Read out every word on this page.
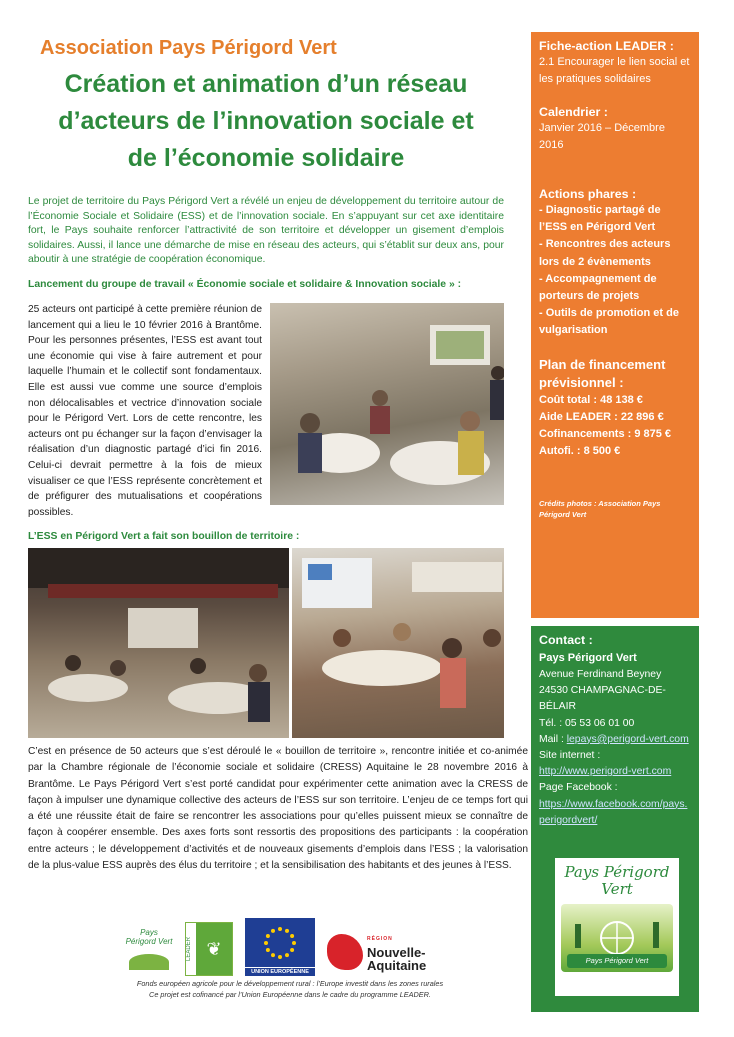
Association Pays Périgord Vert
Création et animation d’un réseau
d’acteurs de l’innovation sociale et
de l’économie solidaire

Le projet de territoire du Pays Périgord Vert a révélé un enjeu de développement du territoire autour de l’Économie Sociale et Solidaire (ESS) et de l’innovation sociale. En s’appuyant sur cet axe identitaire fort, le Pays souhaite renforcer l’attractivité de son territoire et développer un gisement d’emplois solidaires. Aussi, il lance une démarche de mise en réseau des acteurs, qui s’établit sur deux ans, pour aboutir à une stratégie de coopération économique.

Lancement du groupe de travail « Économie sociale et solidaire & Innovation sociale » :

25 acteurs ont participé à cette première réunion de lancement qui a lieu le 10 février 2016 à Brantôme. Pour les personnes présentes, l’ESS est avant tout une économie qui vise à faire autrement et pour laquelle l’humain et le collectif sont fondamentaux. Elle est aussi vue comme une source d’emplois non délocalisables et vectrice d’innovation sociale pour le Périgord Vert. Lors de cette rencontre, les acteurs ont pu échanger sur la façon d’envisager la réalisation d’un diagnostic partagé d’ici fin 2016. Celui-ci devrait permettre à la fois de mieux visualiser ce que l’ESS représente concrètement et de préfigurer des mutualisations et coopérations possibles.

L’ESS en Périgord Vert a fait son bouillon de territoire :

C’est en présence de 50 acteurs que s’est déroulé le « bouillon de territoire », rencontre initiée et co-animée par la Chambre régionale de l’économie sociale et solidaire (CRESS) Aquitaine le 28 novembre 2016 à Brantôme. Le Pays Périgord Vert s’est porté candidat pour expérimenter cette animation avec la CRESS de façon à impulser une dynamique collective des acteurs de l’ESS sur son territoire. L’enjeu de ce temps fort qui a été une réussite était de faire se rencontrer les associations pour qu’elles puissent mieux se connaître de façon à coopérer ensemble. Des axes forts sont ressortis des propositions des participants : la coopération entre acteurs ; le développement d’activités et de nouveaux gisements d’emplois dans l’ESS ; la valorisation de la plus-value ESS auprès des élus du territoire ; et la sensibilisation des habitants et des jeunes à l’ESS.

Pays Périgord Vert LEADER ❦
UNION EUROPÉENNE
RÉGION
Nouvelle-
Aquitaine
Fonds européen agricole pour le développement rural : l’Europe investit dans les zones rurales
Ce projet est cofinancé par l’Union Européenne dans le cadre du programme LEADER.
Fiche-action LEADER :
2.1 Encourager le lien social et les pratiques solidaires
Calendrier :
Janvier 2016 – Décembre 2016
Actions phares :
- Diagnostic partagé de l’ESS en Périgord Vert
- Rencontres des acteurs lors de 2 évènements
- Accompagnement de porteurs de projets
- Outils de promotion et de vulgarisation
Plan de financement prévisionnel :
Coût total : 48 138 €
Aide LEADER : 22 896 €
Cofinancements : 9 875 €
Autofi. : 8 500 €
Crédits photos : Association Pays Périgord Vert
Contact :
Pays Périgord Vert
Avenue Ferdinand Beyney
24530 CHAMPAGNAC-DE-BÉLAIR
Tél. : 05 53 06 01 00
Mail : lepays@perigord-vert.com
Site internet :
http://www.perigord-vert.com
Page Facebook :
https://www.facebook.com/pays.perigordvert/
Pays Périgord Vert
Pays Périgord Vert
